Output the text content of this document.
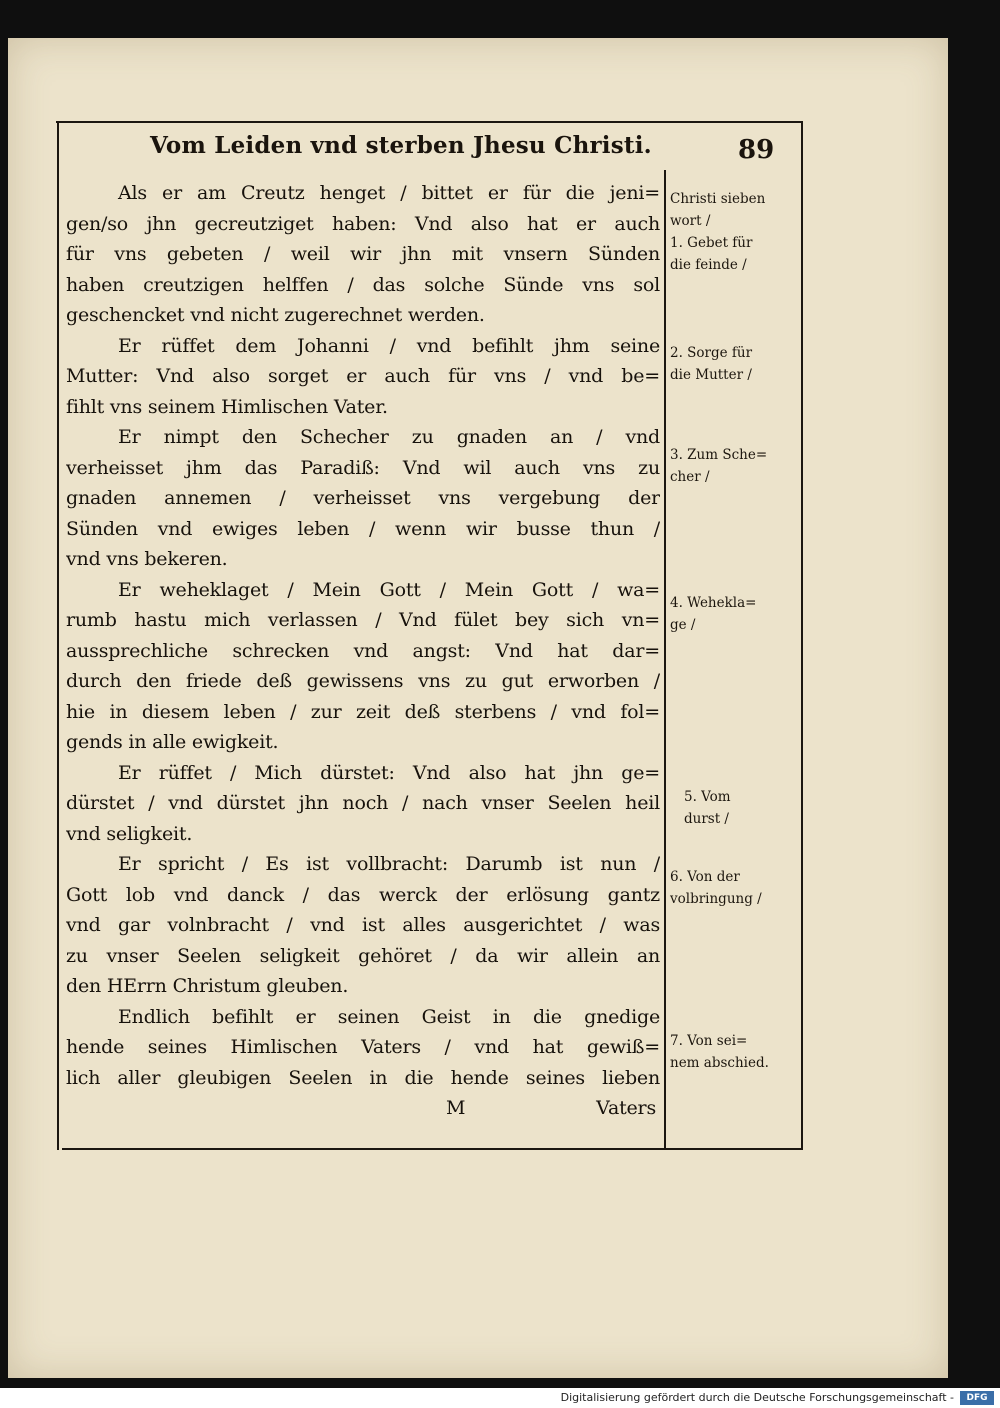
Vom Leiden vnd sterben Jhesu Christi.	89
Als er am Creutz henget / bittet er für die jeni=
gen/so jhn gecreutziget haben: Vnd also hat er auch
für vns gebeten / weil wir jhn mit vnsern Sünden
haben creutzigen helffen / das solche Sünde vns sol
geschencket vnd nicht zugerechnet werden.
Er rüffet dem Johanni / vnd befihlt jhm seine
Mutter: Vnd also sorget er auch für vns / vnd be=
fihlt vns seinem Himlischen Vater.
Er nimpt den Schecher zu gnaden an / vnd
verheisset jhm das Paradiß: Vnd wil auch vns zu
gnaden annemen / verheisset vns vergebung der
Sünden vnd ewiges leben / wenn wir busse thun /
vnd vns bekeren.
Er weheklaget / Mein Gott / Mein Gott / wa=
rumb hastu mich verlassen / Vnd fület bey sich vn=
aussprechliche schrecken vnd angst: Vnd hat dar=
durch den friede deß gewissens vns zu gut erworben /
hie in diesem leben / zur zeit deß sterbens / vnd fol=
gends in alle ewigkeit.
Er rüffet / Mich dürstet: Vnd also hat jhn ge=
dürstet / vnd dürstet jhn noch / nach vnser Seelen heil
vnd seligkeit.
Er spricht / Es ist vollbracht: Darumb ist nun /
Gott lob vnd danck / das werck der erlösung gantz
vnd gar volnbracht / vnd ist alles ausgerichtet / was
zu vnser Seelen seligkeit gehöret / da wir allein an
den HErrn Christum gleuben.
Endlich befihlt er seinen Geist in die gnedige
hende seines Himlischen Vaters / vnd hat gewiß=
lich aller gleubigen Seelen in die hende seines lieben
M	Vaters
Christi sieben
wort /
1. Gebet für
die feinde /
2. Sorge für
die Mutter /
3. Zum Sche=
cher /
4. Weheklа=
ge /
5. Vom
durst /
6. Von der
volbringung /
7. Von sei=
nem abschied.
Digitalisierung gefördert durch die Deutsche Forschungsgemeinschaft -	DFG
